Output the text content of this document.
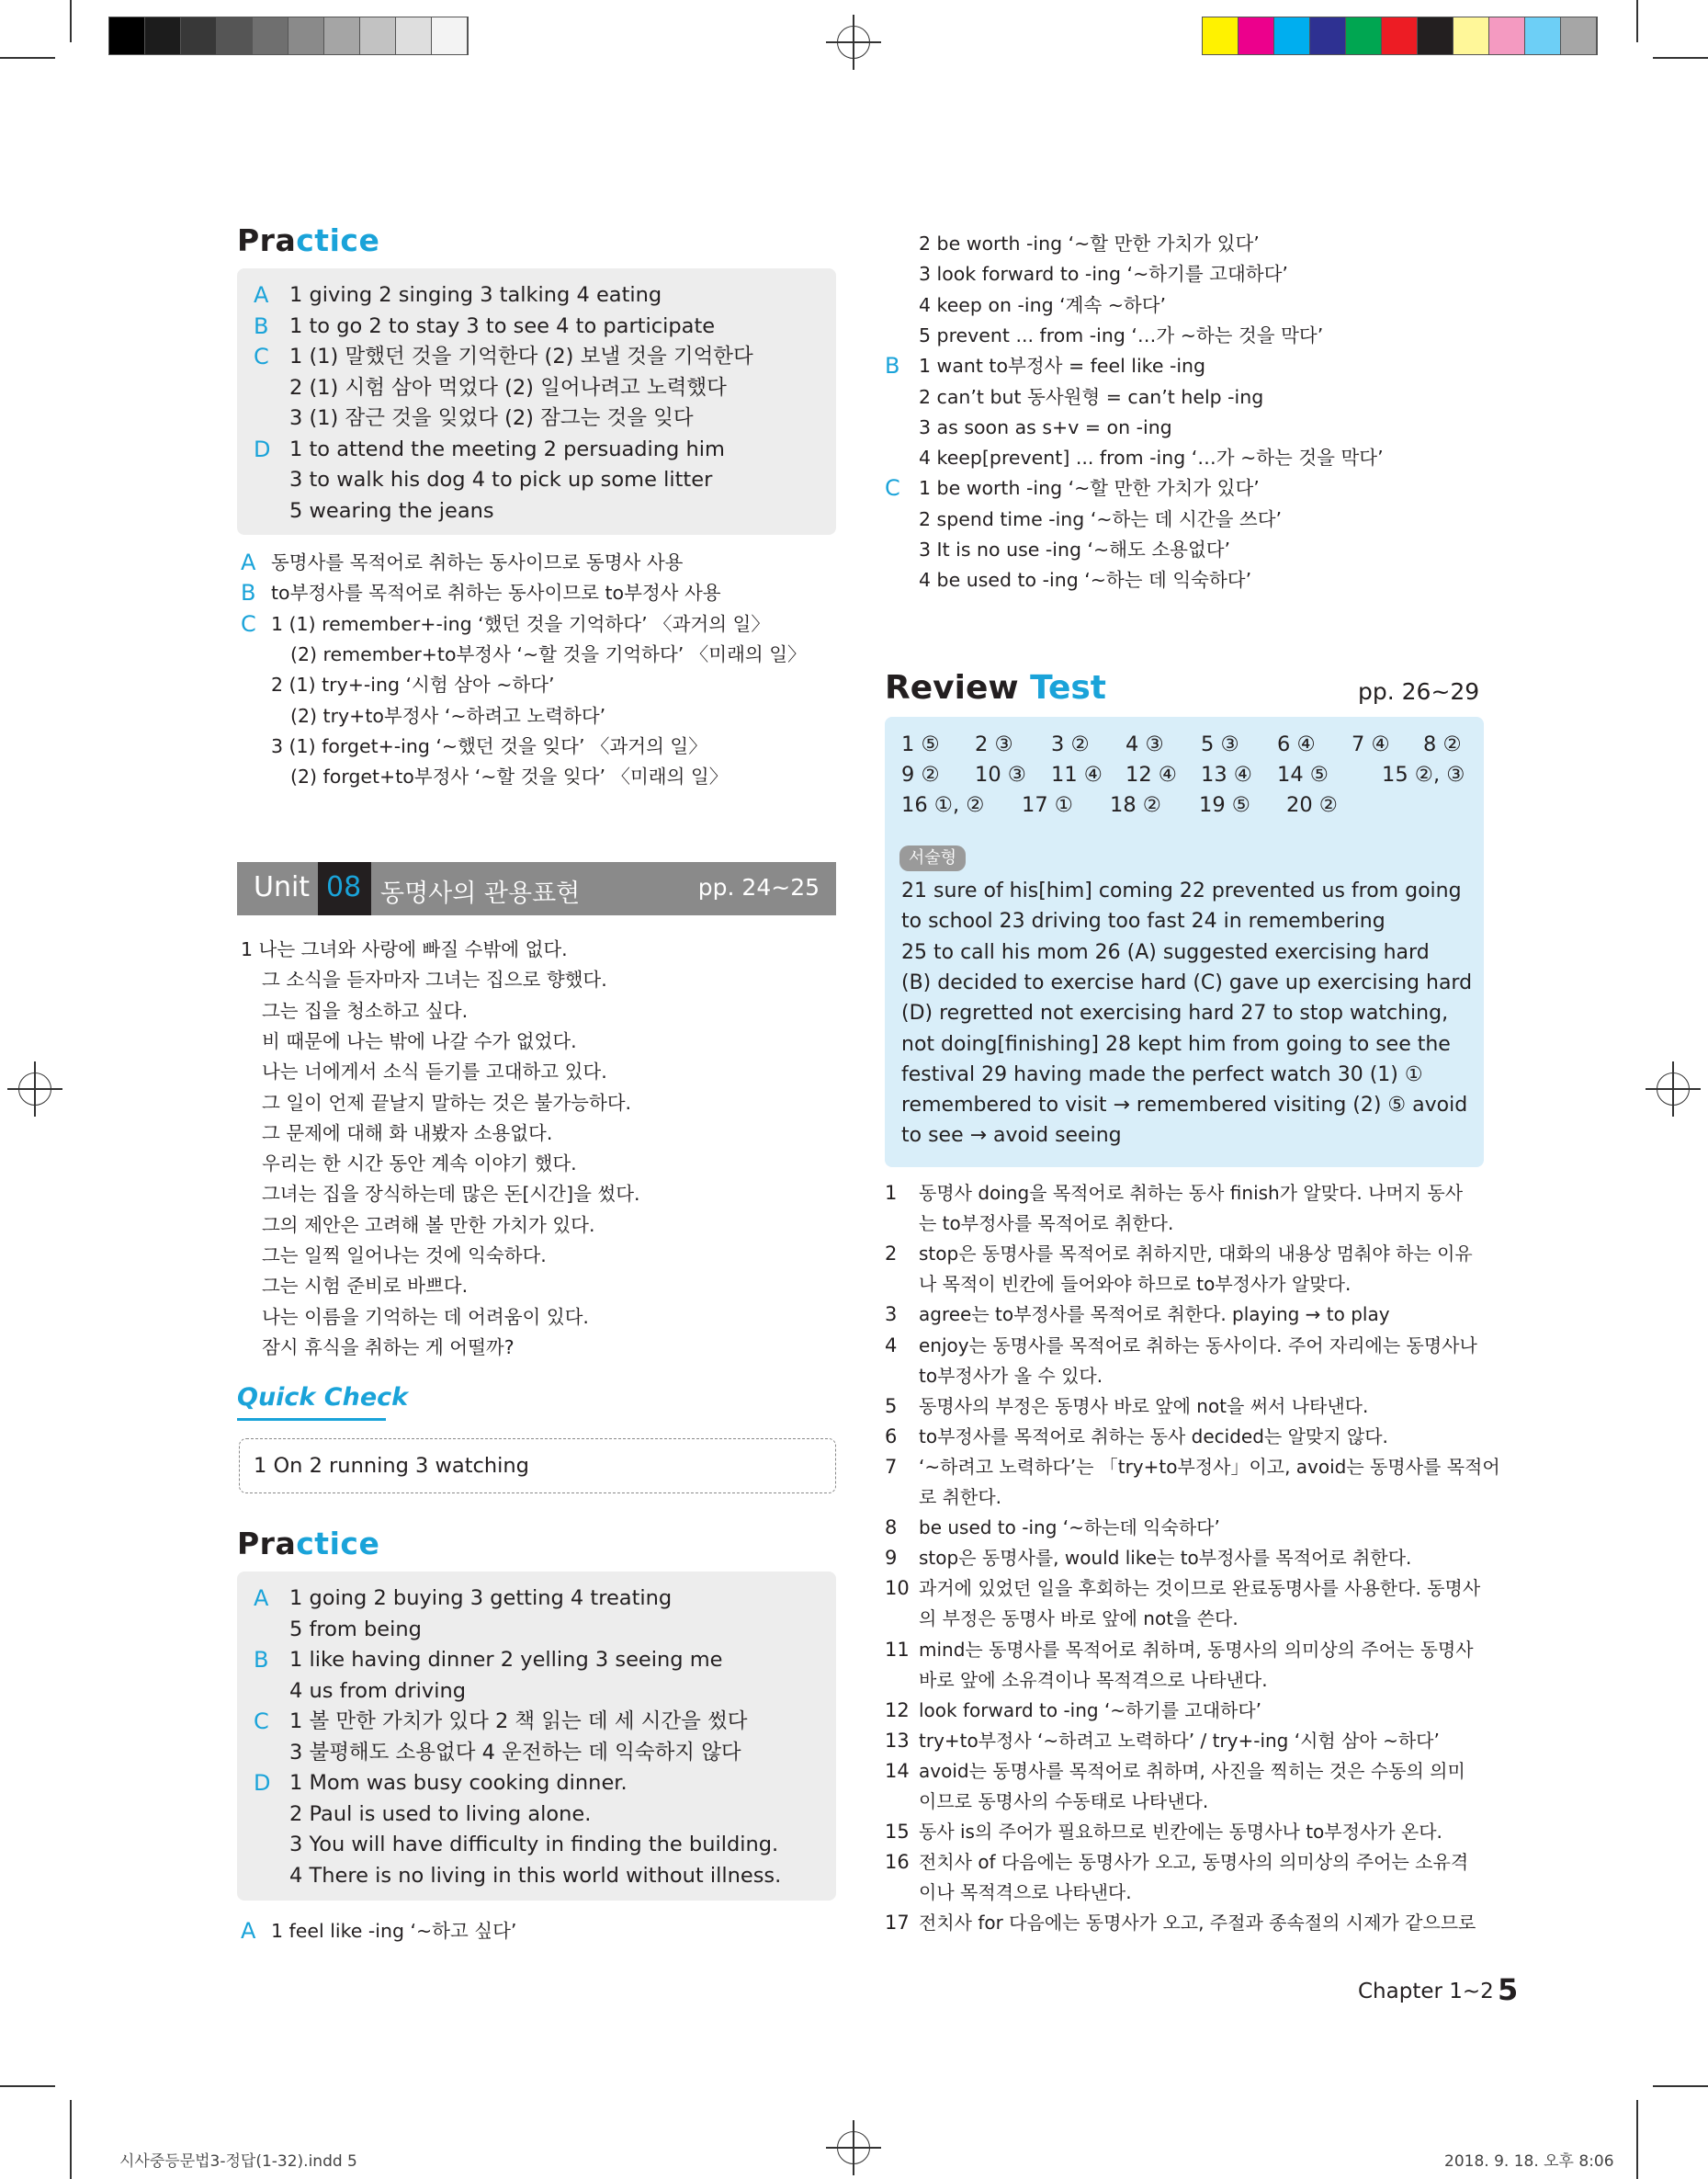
Practice
A 1 giving 2 singing 3 talking 4 eating
B 1 to go 2 to stay 3 to see 4 to participate
C 1 (1) 말했던 것을 기억한다 (2) 보낼 것을 기억한다
2 (1) 시험 삼아 먹었다 (2) 일어나려고 노력했다
3 (1) 잠근 것을 잊었다 (2) 잠그는 것을 잊다
D 1 to attend the meeting 2 persuading him
3 to walk his dog 4 to pick up some litter
5 wearing the jeans
A 동명사를 목적어로 취하는 동사이므로 동명사 사용
B to부정사를 목적어로 취하는 동사이므로 to부정사 사용
C 1 (1) remember+-ing ‘했던 것을 기억하다’ 〈과거의 일〉
(2) remember+to부정사 ‘~할 것을 기억하다’ 〈미래의 일〉
2 (1) try+-ing ‘시험 삼아 ~하다’
(2) try+to부정사 ‘~하려고 노력하다’
3 (1) forget+-ing ‘~했던 것을 잊다’ 〈과거의 일〉
(2) forget+to부정사 ‘~할 것을 잊다’ 〈미래의 일〉
Unit 08 동명사의 관용표현	pp. 24~25
1 나는 그녀와 사랑에 빠질 수밖에 없다.
그 소식을 듣자마자 그녀는 집으로 향했다.
그는 집을 청소하고 싶다.
비 때문에 나는 밖에 나갈 수가 없었다.
나는 너에게서 소식 듣기를 고대하고 있다.
그 일이 언제 끝날지 말하는 것은 불가능하다.
그 문제에 대해 화 내봤자 소용없다.
우리는 한 시간 동안 계속 이야기 했다.
그녀는 집을 장식하는데 많은 돈[시간]을 썼다.
그의 제안은 고려해 볼 만한 가치가 있다.
그는 일찍 일어나는 것에 익숙하다.
그는 시험 준비로 바쁘다.
나는 이름을 기억하는 데 어려움이 있다.
잠시 휴식을 취하는 게 어떨까?
Quick Check
1 On 2 running 3 watching
Practice
A 1 going 2 buying 3 getting 4 treating
5 from being
B 1 like having dinner 2 yelling 3 seeing me
4 us from driving
C 1 볼 만한 가치가 있다 2 책 읽는 데 세 시간을 썼다
3 불평해도 소용없다 4 운전하는 데 익숙하지 않다
D 1 Mom was busy cooking dinner.
2 Paul is used to living alone.
3 You will have difficulty in finding the building.
4 There is no living in this world without illness.
A 1 feel like -ing ‘~하고 싶다’
2 be worth -ing ‘~할 만한 가치가 있다’
3 look forward to -ing ‘~하기를 고대하다’
4 keep on -ing ‘계속 ~하다’
5 prevent ... from -ing ‘…가 ~하는 것을 막다’
B 1 want to부정사 = feel like -ing
2 can’t but 동사원형 = can’t help -ing
3 as soon as s+v = on -ing
4 keep[prevent] ... from -ing ‘…가 ~하는 것을 막다’
C 1 be worth -ing ‘~할 만한 가치가 있다’
2 spend time -ing ‘~하는 데 시간을 쓰다’
3 It is no use -ing ‘~해도 소용없다’
4 be used to -ing ‘~하는 데 익숙하다’
Review Test	pp. 26~29
1 ⑤ 2 ③ 3 ② 4 ③ 5 ③ 6 ④ 7 ④ 8 ②
9 ② 10 ③ 11 ④ 12 ④ 13 ④ 14 ⑤	15 ②, ③
16 ①, ② 17 ① 18 ② 19 ⑤ 20 ②
서술형
21 sure of his[him] coming 22 prevented us from going
to school 23 driving too fast 24 in remembering
25 to call his mom 26 (A) suggested exercising hard
(B) decided to exercise hard (C) gave up exercising hard
(D) regretted not exercising hard 27 to stop watching,
not doing[finishing] 28 kept him from going to see the
festival 29 having made the perfect watch 30 (1) ①
remembered to visit → remembered visiting (2) ⑤ avoid
to see → avoid seeing
1 동명사 doing을 목적어로 취하는 동사 finish가 알맞다. 나머지 동사
는 to부정사를 목적어로 취한다.
2 stop은 동명사를 목적어로 취하지만, 대화의 내용상 멈춰야 하는 이유
나 목적이 빈칸에 들어와야 하므로 to부정사가 알맞다.
3 agree는 to부정사를 목적어로 취한다. playing → to play
4 enjoy는 동명사를 목적어로 취하는 동사이다. 주어 자리에는 동명사나
to부정사가 올 수 있다.
5 동명사의 부정은 동명사 바로 앞에 not을 써서 나타낸다.
6 to부정사를 목적어로 취하는 동사 decided는 알맞지 않다.
7 ‘~하려고 노력하다’는 「try+to부정사」이고, avoid는 동명사를 목적어
로 취한다.
8 be used to -ing ‘~하는데 익숙하다’
9 stop은 동명사를, would like는 to부정사를 목적어로 취한다.
10 과거에 있었던 일을 후회하는 것이므로 완료동명사를 사용한다. 동명사
의 부정은 동명사 바로 앞에 not을 쓴다.
11 mind는 동명사를 목적어로 취하며, 동명사의 의미상의 주어는 동명사
바로 앞에 소유격이나 목적격으로 나타낸다.
12 look forward to -ing ‘~하기를 고대하다’
13 try+to부정사 ‘~하려고 노력하다’ / try+-ing ‘시험 삼아 ~하다’
14 avoid는 동명사를 목적어로 취하며, 사진을 찍히는 것은 수동의 의미
이므로 동명사의 수동태로 나타낸다.
15 동사 is의 주어가 필요하므로 빈칸에는 동명사나 to부정사가 온다.
16 전치사 of 다음에는 동명사가 오고, 동명사의 의미상의 주어는 소유격
이나 목적격으로 나타낸다.
17 전치사 for 다음에는 동명사가 오고, 주절과 종속절의 시제가 같으므로
Chapter 1~2 5
시사중등문법3-정답(1-32).indd 5	2018. 9. 18. 오후 8:06
